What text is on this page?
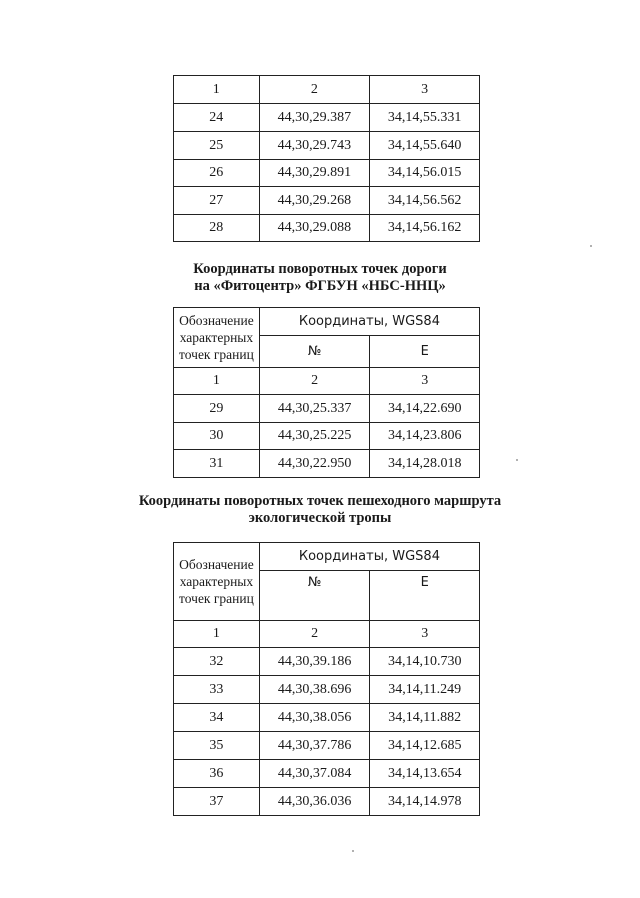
1	2	3
24	44,30,29.387	34,14,55.331
25	44,30,29.743	34,14,55.640
26	44,30,29.891	34,14,56.015
27	44,30,29.268	34,14,56.562
28	44,30,29.088	34,14,56.162
Координаты поворотных точек дороги
на «Фитоцентр» ФГБУН «НБС-ННЦ»
Обозначение характерных точек границ	Координаты, WGS84	
	№	E
1	2	3
29	44,30,25.337	34,14,22.690
30	44,30,25.225	34,14,23.806
31	44,30,22.950	34,14,28.018
Координаты поворотных точек пешеходного маршрута
экологической тропы
Обозначение характерных точек границ	Координаты, WGS84	
	№	E
1	2	3
32	44,30,39.186	34,14,10.730
33	44,30,38.696	34,14,11.249
34	44,30,38.056	34,14,11.882
35	44,30,37.786	34,14,12.685
36	44,30,37.084	34,14,13.654
37	44,30,36.036	34,14,14.978
